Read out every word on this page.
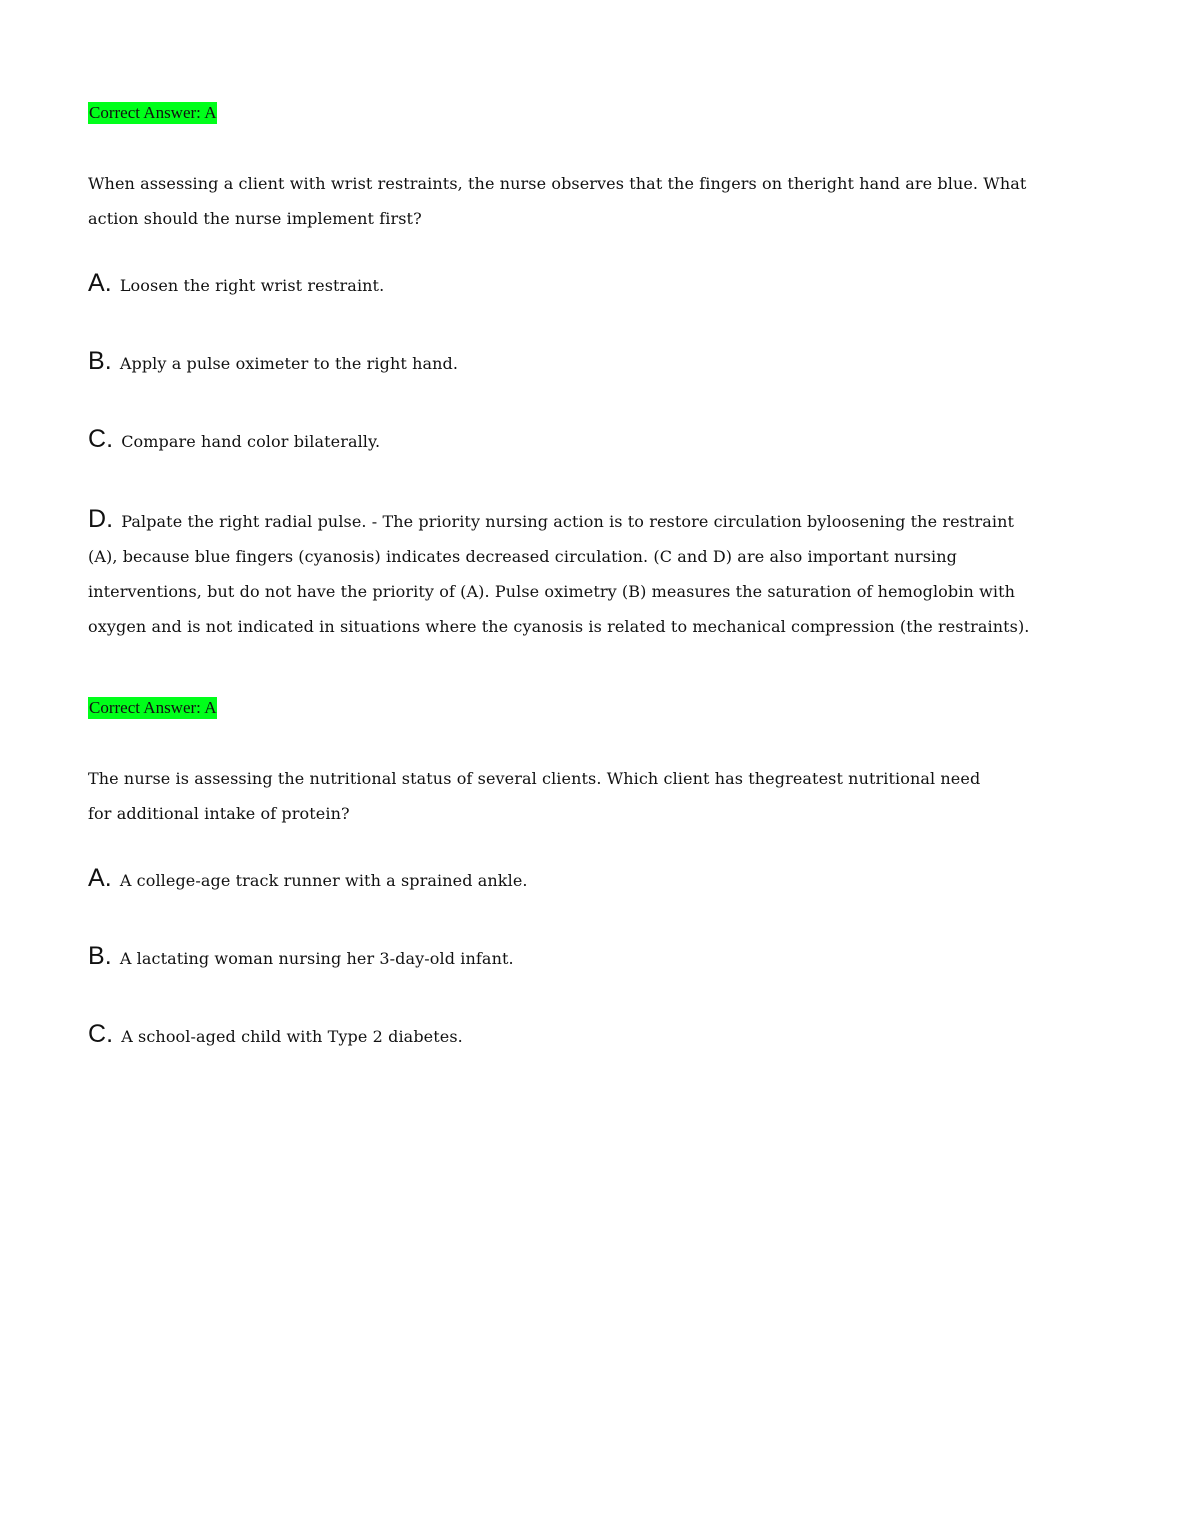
Correct Answer: A
When assessing a client with wrist restraints, the nurse observes that the fingers on theright hand are blue. What action should the nurse implement first?
A. Loosen the right wrist restraint.
B. Apply a pulse oximeter to the right hand.
C. Compare hand color bilaterally.
D. Palpate the right radial pulse. - The priority nursing action is to restore circulation byloosening the restraint (A), because blue fingers (cyanosis) indicates decreased circulation. (C and D) are also important nursing interventions, but do not have the priority of (A). Pulse oximetry (B) measures the saturation of hemoglobin with oxygen and is not indicated in situations where the cyanosis is related to mechanical compression (the restraints).
Correct Answer: A
The nurse is assessing the nutritional status of several clients. Which client has thegreatest nutritional need for additional intake of protein?
A. A college-age track runner with a sprained ankle.
B. A lactating woman nursing her 3-day-old infant.
C. A school-aged child with Type 2 diabetes.
